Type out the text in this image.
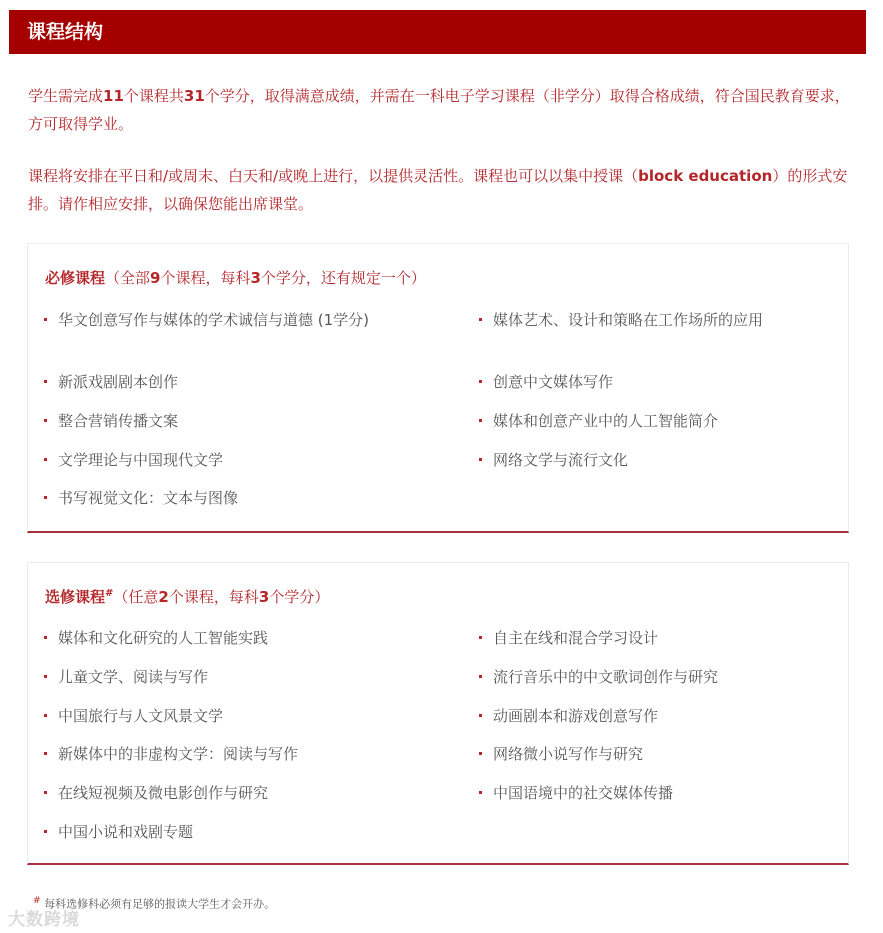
课程结构

学生需完成11个课程共31个学分，取得满意成绩，并需在一科电子学习课程（非学分）取得合格成绩，符合国民教育要求，方可取得学业。

课程将安排在平日和/或周末、白天和/或晚上进行，以提供灵活性。课程也可以以集中授课（block education）的形式安排。请作相应安排，以确保您能出席课堂。

必修课程（全部9个课程，每科3个学分，还有规定一个）
华文创意写作与媒体的学术诚信与道德 (1学分)	媒体艺术、设计和策略在工作场所的应用
新派戏剧剧本创作	创意中文媒体写作
整合营销传播文案	媒体和创意产业中的人工智能简介
文学理论与中国现代文学	网络文学与流行文化
书写视觉文化：文本与图像
选修课程#（任意2个课程，每科3个学分）
媒体和文化研究的人工智能实践	自主在线和混合学习设计
儿童文学、阅读与写作	流行音乐中的中文歌词创作与研究
中国旅行与人文风景文学	动画剧本和游戏创意写作
新媒体中的非虚构文学：阅读与写作	网络微小说写作与研究
在线短视频及微电影创作与研究	中国语境中的社交媒体传播
中国小说和戏剧专题
# 每科选修科必须有足够的报读大学生才会开办。
大数跨境
